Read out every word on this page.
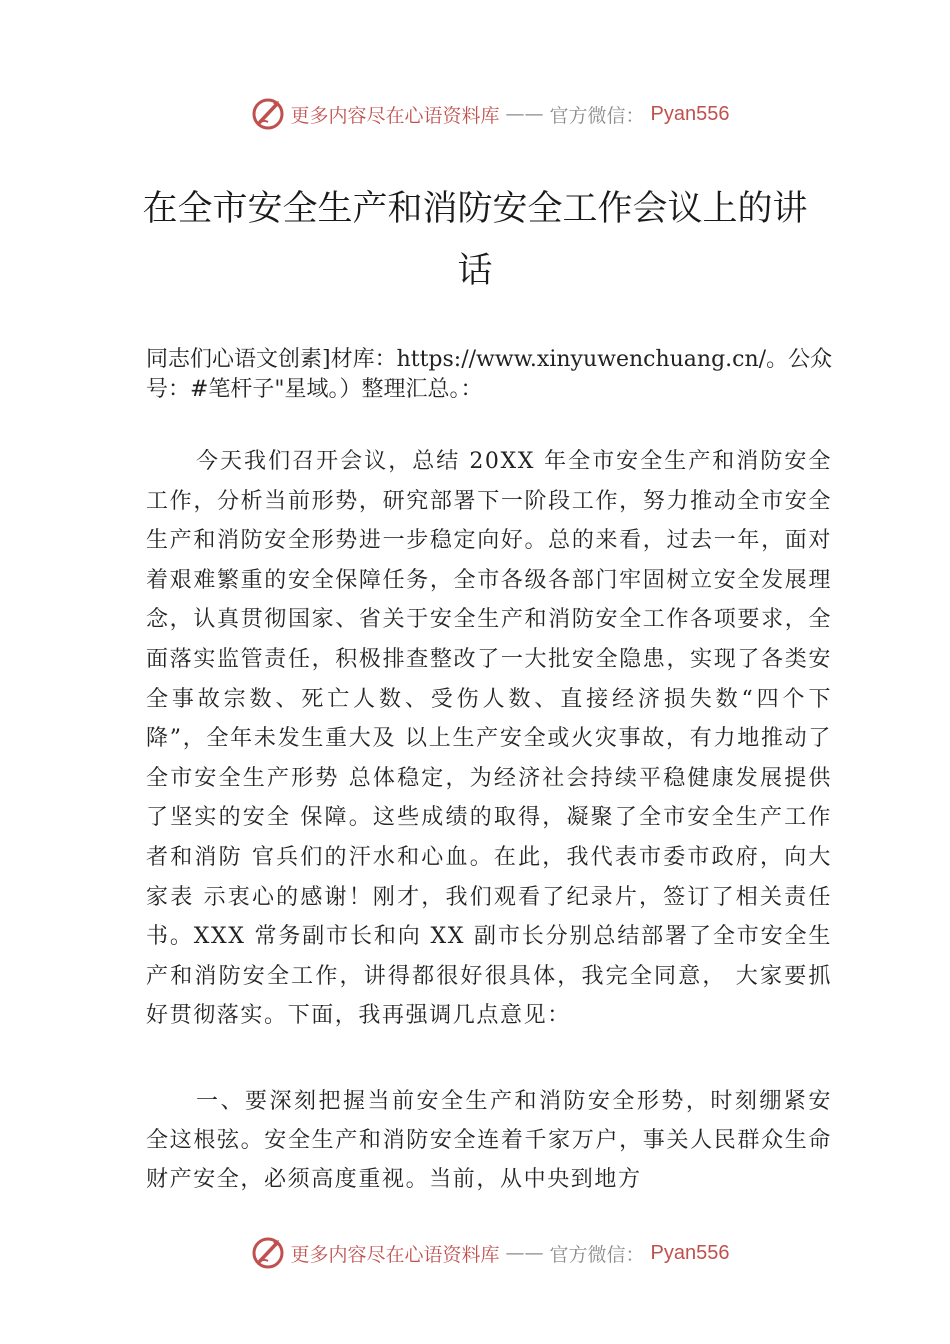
更多内容尽在心语资料库 —— 官方微信： Pyan556
在全市安全生产和消防安全工作会议上的讲话

同志们心语文创素]材库：https://www.xinyuwenchuang.cn/。公众号：#笔杆子"星域。）整理汇总。：

今天我们召开会议，总结 20XX 年全市安全生产和消防安全工作，分析当前形势，研究部署下一阶段工作，努力推动全市安全生产和消防安全形势进一步稳定向好。总的来看，过去一年，面对着艰难繁重的安全保障任务，全市各级各部门牢固树立安全发展理念，认真贯彻国家、省关于安全生产和消防安全工作各项要求，全面落实监管责任，积极排查整改了一大批安全隐患，实现了各类安全事故宗数、死亡人数、受伤人数、直接经济损失数“四个下降”，全年未发生重大及 以上生产安全或火灾事故，有力地推动了全市安全生产形势 总体稳定，为经济社会持续平稳健康发展提供了坚实的安全 保障。这些成绩的取得，凝聚了全市安全生产工作者和消防 官兵们的汗水和心血。在此，我代表市委市政府，向大家表 示衷心的感谢！刚才，我们观看了纪录片，签订了相关责任 书。XXX 常务副市长和向 XX 副市长分别总结部署了全市安全生产和消防安全工作，讲得都很好很具体，我完全同意， 大家要抓好贯彻落实。下面，我再强调几点意见：

一、要深刻把握当前安全生产和消防安全形势，时刻绷紧安全这根弦。安全生产和消防安全连着千家万户，事关人民群众生命财产安全，必须高度重视。当前，从中央到地方

更多内容尽在心语资料库 —— 官方微信： Pyan556
